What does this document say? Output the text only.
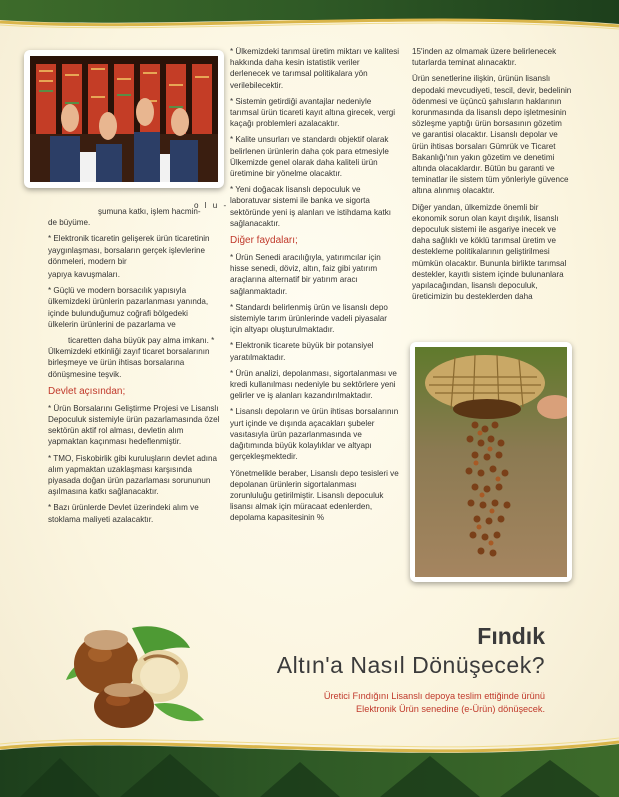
o l u -

şumuna katkı, işlem hacmin-

de büyüme.

* Elektronik ticaretin gelişerek ürün ticaretinin yaygınlaşması, borsaların gerçek işlevlerine dönmeleri, modern bir

yapıya kavuşmaları.

* Güçlü ve modern borsacılık yapısıyla ülkemizdeki ürünlerin pazarlanması yanında, içinde bulunduğumuz coğrafi bölgedeki ülkelerin ürünlerini de pazarlama ve

ticaretten daha büyük pay alma imkanı. * Ülkemizdeki etkinliği zayıf ticaret borsalarının birleşmeye ve ürün ihtisas borsalarına dönüşmesine teşvik.

Devlet açısından;

* Ürün Borsalarını Geliştirme Projesi ve Lisanslı Depoculuk sistemiyle ürün pazarlamasında özel sektörün aktif rol alması, devletin alım yapmaktan kaçınması hedeflenmiştir.

* TMO, Fiskobirlik gibi kuruluşların devlet adına alım yapmaktan uzaklaşması karşısında piyasada doğan ürün pazarlaması sorununun aşılmasına katkı sağlanacaktır.

* Bazı ürünlerde Devlet üzerindeki alım ve stoklama maliyeti azalacaktır.

* Ülkemizdeki tarımsal üretim miktarı ve kalitesi hakkında daha kesin istatistik veriler derlenecek ve tarımsal politikalara yön verilebilecektir.

* Sistemin getirdiği avantajlar nedeniyle tarımsal ürün ticareti kayıt altına girecek, vergi kaçağı problemleri azalacaktır.

* Kalite unsurları ve standardı objektif olarak belirlenen ürünlerin daha çok para etmesiyle Ülkemizde genel olarak daha kaliteli ürün üretimine bir yönelme olacaktır.

* Yeni doğacak lisanslı depoculuk ve laboratuvar sistemi ile banka ve sigorta sektöründe yeni iş alanları ve istihdama katkı sağlanacaktır.

Diğer faydaları;

* Ürün Senedi aracılığıyla, yatırımcılar için hisse senedi, döviz, altın, faiz gibi yatırım araçlarına alternatif bir yatırım aracı sağlanmaktadır.

* Standardı belirlenmiş ürün ve lisanslı depo sistemiyle tarım ürünlerinde vadeli piyasalar için altyapı oluşturulmaktadır.

* Elektronik ticarete büyük bir potansiyel yaratılmaktadır.

* Ürün analizi, depolanması, sigortalanması ve kredi kullanılması nedeniyle bu sektörlere yeni gelirler ve iş alanları kazandırılmaktadır.

* Lisanslı depoların ve ürün ihtisas borsalarının yurt içinde ve dışında açacakları şubeler vasıtasıyla ürün pazarlanmasında ve dağıtımında büyük kolaylıklar ve altyapı gerçekleşmektedir.

Yönetmelikle beraber, Lisanslı depo tesisleri ve depolanan ürünlerin sigortalanması zorunluluğu getirilmiştir. Lisanslı depoculuk lisansı almak için müracaat edenlerden, depolama kapasitesinin %

15'inden az olmamak üzere belirlenecek tutarlarda teminat alınacaktır.

Ürün senetlerine ilişkin, ürünün lisanslı depodaki mevcudiyeti, tescil, devir, bedelinin ödenmesi ve üçüncü şahısların haklarının korunmasında da lisanslı depo işletmesinin sözleşme yaptığı ürün borsasının gözetim ve garantisi olacaktır. Lisanslı depolar ve ürün ihtisas borsaları Gümrük ve Ticaret Bakanlığı'nın yakın gözetim ve denetimi altında olacaklardır. Bütün bu garanti ve teminatlar ile sistem tüm yönleriyle güvence altına alınmış olacaktır.

Diğer yandan, ülkemizde önemli bir ekonomik sorun olan kayıt dışılık, lisanslı depoculuk sistemi ile asgariye inecek ve daha sağlıklı ve köklü tarımsal üretim ve destekleme politikalarının geliştirilmesi mümkün olacaktır. Bununla birlikte tarımsal destekler, kayıtlı sistem içinde bulunanlara yapılacağından, lisanslı depoculuk, üreticimizin bu desteklerden daha

Fındık
Altın'a Nasıl Dönüşecek?
Üretici Fındığını Lisanslı depoya teslim ettiğinde ürünü
Elektronik Ürün senedine (e-Ürün) dönüşecek.
